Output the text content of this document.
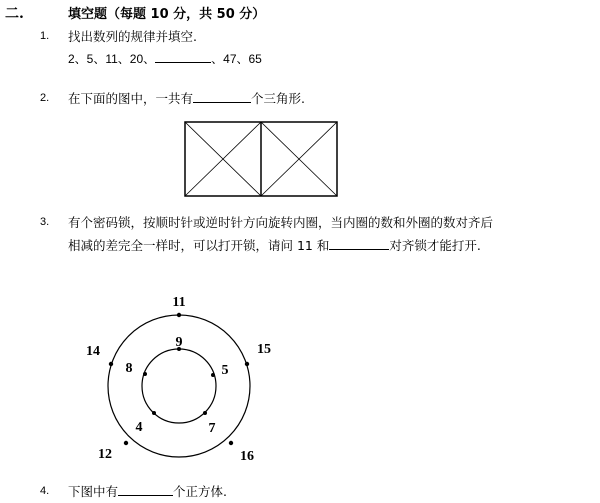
二.	填空题（每题 10 分，共 50 分）
1. 找出数列的规律并填空.
2、5、11、20、	、47、65
2. 在下面的图中，一共有	个三角形.
3. 有个密码锁，按顺时针或逆时针方向旋转内圈，当内圈的数和外圈的数对齐后
相减的差完全一样时，可以打开锁，请问 11 和	对齐锁才能打开.
11
15
16
12
14
9
5
7
4
8
4. 下图中有	个正方体.
